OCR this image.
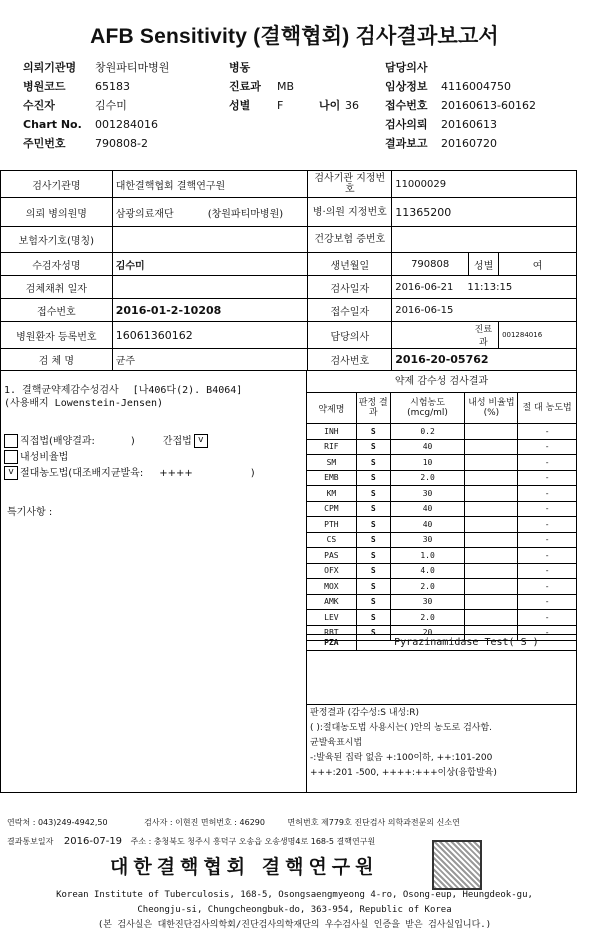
AFB Sensitivity (결핵협회) 검사결과보고서
의뢰기관명	창원파티마병원
병원코드	65183
수진자	김수미
Chart No.	001284016
주민번호	790808-2
병동
진료과 MB
성별 F	나이 36
담당의사
임상정보	4116004750
접수번호	20160613-60162
검사의뢰	20160613
결과보고	20160720
검사기관명	대한결핵협회 결핵연구원	검사기관 지정번호	11000029		
의뢰 병의원명	삼광의료재단 (창원파티마병원)	병·의원 지정번호	11365200		
보험자기호(명칭)		건강보험 증번호			
수검자성명	김수미	생년월일	790808	성별	여
검체채취 일자		검사일자	2016-06-21 11:13:15		
접수번호	2016-01-2-10208	접수일자	2016-06-15		
병원환자 등록번호	16061360162	담당의사		진료과	001284016
검 체 명	균주	검사번호	2016-20-05762		
1. 결핵균약제감수성검사 [나406다(2). B4064]
(사용배지 Lowenstein-Jensen)
직접법(배양결과:	)	간접법 v
내성비율법
v 절대농도법(대조배지균발육: ++++	)
특기사항 :
약제 감수성 검사결과
약제명	판정 결과	시험농도 (mcg/ml)	내성 비율법(%)	절 대 농도법
INH	S	0.2		-
RIF	S	40		-
SM	S	10		-
EMB	S	2.0		-
KM	S	30		-
CPM	S	40		-
PTH	S	40		-
CS	S	30		-
PAS	S	1.0		-
OFX	S	4.0		-
MOX	S	2.0		-
AMK	S	30		-
LEV	S	2.0		-
RBT	S	20		-
PZA	Pyrazinamidase Test( S )
판정결과 (감수성:S 내성:R)
( ):절대농도법 사용시는( )안의 농도로 검사함.
균발육표시법
-:발육된 집락 없음 +:100이하, ++:101-200
+++:201 -500, ++++:+++이상(융합발육)
연락처 : 043)249-4942,50	검사자 : 이현진 면허번호 : 46290	면허번호 제779호 진단검사 의학과전문의 신소연
결과통보일자 2016-07-19 주소 : 충청북도 청주시 흥덕구 오송읍 오송생명4로 168-5 결핵연구원
대한결핵협회 결핵연구원
Korean Institute of Tuberculosis, 168-5, Osongsaengmyeong 4-ro, Osong-eup, Heungdeok-gu,
Cheongju-si, Chungcheongbuk-do, 363-954, Republic of Korea
(본 검사실은 대한진단검사의학회/진단검사의학재단의 우수검사실 인증을 받은 검사실입니다.)
